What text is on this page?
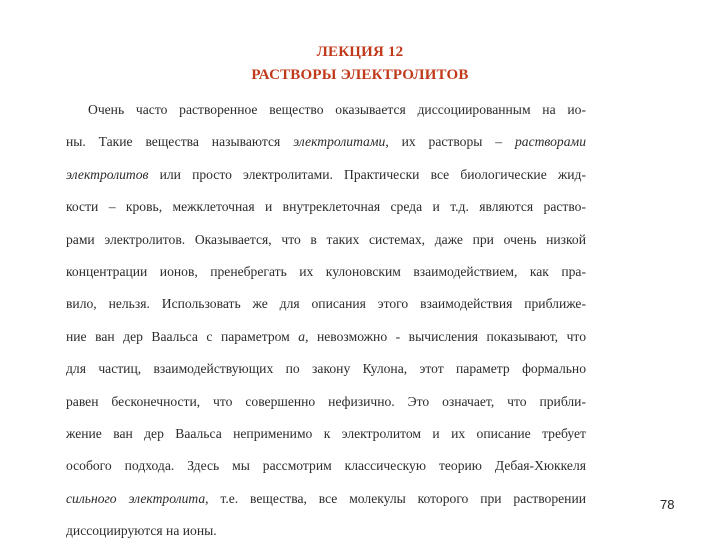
ЛЕКЦИЯ 12
РАСТВОРЫ ЭЛЕКТРОЛИТОВ
Очень часто растворенное вещество оказывается диссоциированным на ио-
ны. Такие вещества называются электролитами, их растворы – растворами
электролитов или просто электролитами. Практически все биологические жид-
кости – кровь, межклеточная и внутреклеточная среда и т.д. являются раство-
рами электролитов. Оказывается, что в таких системах, даже при очень низкой
концентрации ионов, пренебрегать их кулоновским взаимодействием, как пра-
вило, нельзя. Использовать же для описания этого взаимодействия приближе-
ние ван дер Ваальса с параметром a, невозможно - вычисления показывают, что
для частиц, взаимодействующих по закону Кулона, этот параметр формально
равен бесконечности, что совершенно нефизично. Это означает, что прибли-
жение ван дер Ваальса неприменимо к электролитом и их описание требует
особого подхода. Здесь мы рассмотрим классическую теорию Дебая-Хюккеля
сильного электролита, т.е. вещества, все молекулы которого при растворении
диссоциируются на ионы.
78
